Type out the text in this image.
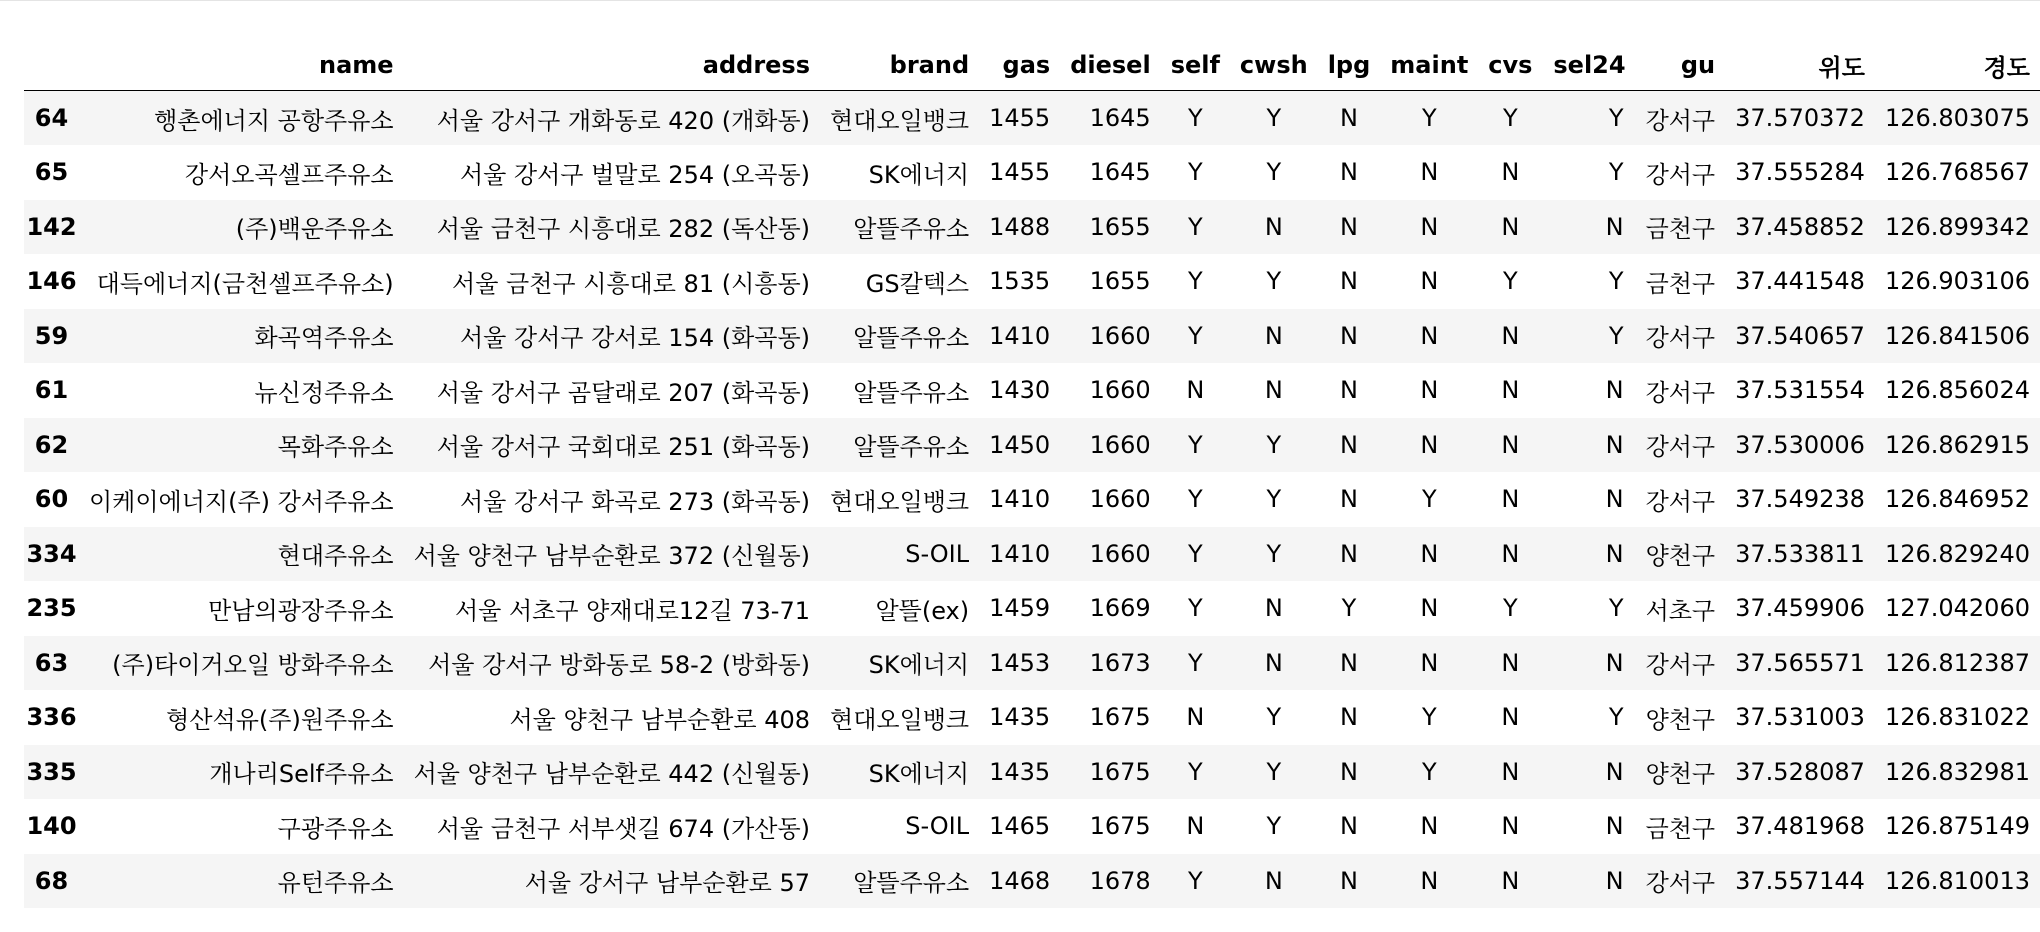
	name	address	brand	gas	diesel	self	cwsh	lpg	maint	cvs	sel24	gu	위도	경도
64	행촌에너지 공항주유소	서울 강서구 개화동로 420 (개화동)	현대오일뱅크	1455	1645	Y	Y	N	Y	Y	Y	강서구	37.570372	126.803075
65	강서오곡셀프주유소	서울 강서구 벌말로 254 (오곡동)	SK에너지	1455	1645	Y	Y	N	N	N	Y	강서구	37.555284	126.768567
142	(주)백운주유소	서울 금천구 시흥대로 282 (독산동)	알뜰주유소	1488	1655	Y	N	N	N	N	N	금천구	37.458852	126.899342
146	대득에너지(금천셀프주유소)	서울 금천구 시흥대로 81 (시흥동)	GS칼텍스	1535	1655	Y	Y	N	N	Y	Y	금천구	37.441548	126.903106
59	화곡역주유소	서울 강서구 강서로 154 (화곡동)	알뜰주유소	1410	1660	Y	N	N	N	N	Y	강서구	37.540657	126.841506
61	뉴신정주유소	서울 강서구 곰달래로 207 (화곡동)	알뜰주유소	1430	1660	N	N	N	N	N	N	강서구	37.531554	126.856024
62	목화주유소	서울 강서구 국회대로 251 (화곡동)	알뜰주유소	1450	1660	Y	Y	N	N	N	N	강서구	37.530006	126.862915
60	이케이에너지(주) 강서주유소	서울 강서구 화곡로 273 (화곡동)	현대오일뱅크	1410	1660	Y	Y	N	Y	N	N	강서구	37.549238	126.846952
334	현대주유소	서울 양천구 남부순환로 372 (신월동)	S-OIL	1410	1660	Y	Y	N	N	N	N	양천구	37.533811	126.829240
235	만남의광장주유소	서울 서초구 양재대로12길 73-71	알뜰(ex)	1459	1669	Y	N	Y	N	Y	Y	서초구	37.459906	127.042060
63	(주)타이거오일 방화주유소	서울 강서구 방화동로 58-2 (방화동)	SK에너지	1453	1673	Y	N	N	N	N	N	강서구	37.565571	126.812387
336	형산석유(주)원주유소	서울 양천구 남부순환로 408	현대오일뱅크	1435	1675	N	Y	N	Y	N	Y	양천구	37.531003	126.831022
335	개나리Self주유소	서울 양천구 남부순환로 442 (신월동)	SK에너지	1435	1675	Y	Y	N	Y	N	N	양천구	37.528087	126.832981
140	구광주유소	서울 금천구 서부샛길 674 (가산동)	S-OIL	1465	1675	N	Y	N	N	N	N	금천구	37.481968	126.875149
68	유턴주유소	서울 강서구 남부순환로 57	알뜰주유소	1468	1678	Y	N	N	N	N	N	강서구	37.557144	126.810013
